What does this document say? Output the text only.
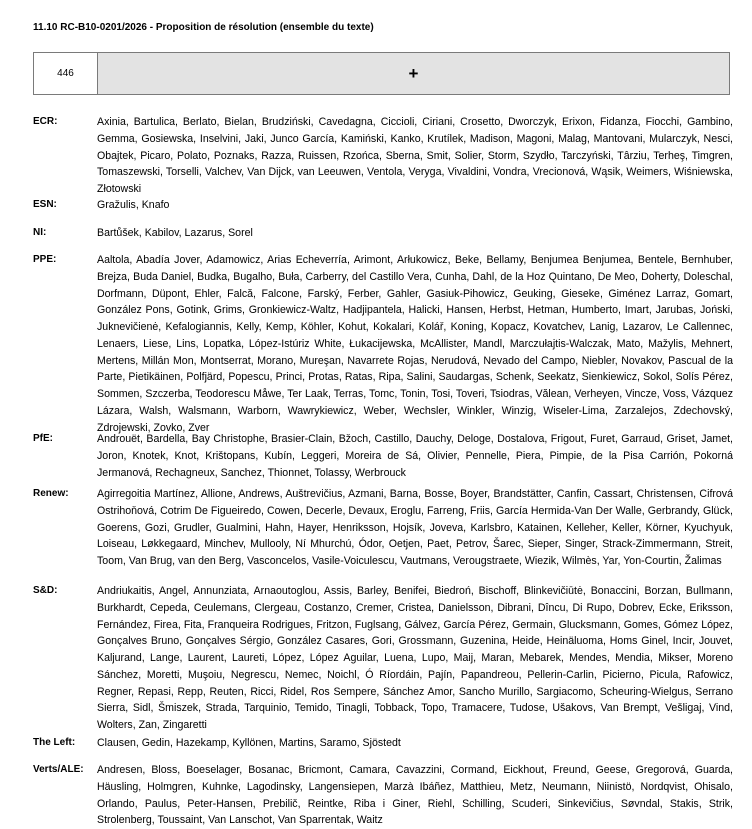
11.10 RC-B10-0201/2026 - Proposition de résolution (ensemble du texte)
446	+
ECR:	Axinia, Bartulica, Berlato, Bielan, Brudziński, Cavedagna, Ciccioli, Ciriani, Crosetto, Dworczyk, Erixon, Fidanza, Fiocchi, Gambino, Gemma, Gosiewska, Inselvini, Jaki, Junco García, Kamiński, Kanko, Krutílek, Madison, Magoni, Malag, Mantovani, Mularczyk, Nesci, Obajtek, Picaro, Polato, Poznaks, Razza, Ruissen, Rzońca, Sberna, Smit, Solier, Storm, Szydło, Tarczyński, Târziu, Terheş, Timgren, Tomaszewski, Torselli, Valchev, Van Dijck, van Leeuwen, Ventola, Veryga, Vivaldini, Vondra, Vrecionová, Wąsik, Weimers, Wiśniewska, Złotowski
ESN:	Gražulis, Knafo
NI:	Bartůšek, Kabilov, Lazarus, Sorel
PPE:	Aaltola, Abadía Jover, Adamowicz, Arias Echeverría, Arimont, Arłukowicz, Beke, Bellamy, Benjumea Benjumea, Bentele, Bernhuber, Brejza, Buda Daniel, Budka, Bugalho, Buła, Carberry, del Castillo Vera, Cunha, Dahl, de la Hoz Quintano, De Meo, Doherty, Doleschal, Dorfmann, Düpont, Ehler, Falcă, Falcone, Farský, Ferber, Gahler, Gasiuk-Pihowicz, Geuking, Gieseke, Giménez Larraz, Gomart, González Pons, Gotink, Grims, Gronkiewicz-Waltz, Hadjipantela, Halicki, Hansen, Herbst, Hetman, Humberto, Imart, Jarubas, Joński, Juknevičienė, Kefalogiannis, Kelly, Kemp, Köhler, Kohut, Kokalari, Kolář, Koning, Kopacz, Kovatchev, Lanig, Lazarov, Le Callennec, Lenaers, Liese, Lins, Lopatka, López-Istúriz White, Łukacijewska, McAllister, Mandl, Marczułajtis-Walczak, Mato, Mažylis, Mehnert, Mertens, Millán Mon, Montserrat, Morano, Mureşan, Navarrete Rojas, Nerudová, Nevado del Campo, Niebler, Novakov, Pascual de la Parte, Pietikäinen, Polfjärd, Popescu, Princi, Protas, Ratas, Ripa, Salini, Saudargas, Schenk, Seekatz, Sienkiewicz, Sokol, Solís Pérez, Sommen, Szczerba, Teodorescu Måwe, Ter Laak, Terras, Tomc, Tonin, Tosi, Toveri, Tsiodras, Vălean, Verheyen, Vincze, Voss, Vázquez Lázara, Walsh, Walsmann, Warborn, Wawrykiewicz, Weber, Wechsler, Winkler, Winzig, Wiseler-Lima, Zarzalejos, Zdechovský, Zdrojewski, Zovko, Zver
PfE:	Androuët, Bardella, Bay Christophe, Brasier-Clain, Bžoch, Castillo, Dauchy, Deloge, Dostalova, Frigout, Furet, Garraud, Griset, Jamet, Joron, Knotek, Knot, Krištopans, Kubín, Leggeri, Moreira de Sá, Olivier, Pennelle, Piera, Pimpie, de la Pisa Carrión, Pokorná Jermanová, Rechagneux, Sanchez, Thionnet, Tolassy, Werbrouck
Renew:	Agirregoitia Martínez, Allione, Andrews, Auštrevičius, Azmani, Barna, Bosse, Boyer, Brandstätter, Canfin, Cassart, Christensen, Cifrová Ostrihoňová, Cotrim De Figueiredo, Cowen, Decerle, Devaux, Eroglu, Farreng, Friis, García Hermida-Van Der Walle, Gerbrandy, Glück, Goerens, Gozi, Grudler, Gualmini, Hahn, Hayer, Henriksson, Hojsík, Joveva, Karlsbro, Katainen, Kelleher, Keller, Körner, Kyuchyuk, Loiseau, Løkkegaard, Minchev, Mullooly, Ní Mhurchú, Ódor, Oetjen, Paet, Petrov, Šarec, Sieper, Singer, Strack-Zimmermann, Streit, Toom, Van Brug, van den Berg, Vasconcelos, Vasile-Voiculescu, Vautmans, Verougstraete, Wiezik, Wilmès, Yar, Yon-Courtin, Žalimas
S&D:	Andriukaitis, Angel, Annunziata, Arnaoutoglou, Assis, Barley, Benifei, Biedroń, Bischoff, Blinkevičiūtė, Bonaccini, Borzan, Bullmann, Burkhardt, Cepeda, Ceulemans, Clergeau, Costanzo, Cremer, Cristea, Danielsson, Dibrani, Dîncu, Di Rupo, Dobrev, Ecke, Eriksson, Fernández, Firea, Fita, Franqueira Rodrigues, Fritzon, Fuglsang, Gálvez, García Pérez, Germain, Glucksmann, Gomes, Gómez López, Gonçalves Bruno, Gonçalves Sérgio, González Casares, Gori, Grossmann, Guzenina, Heide, Heinäluoma, Homs Ginel, Incir, Jouvet, Kaljurand, Lange, Laurent, Laureti, López, López Aguilar, Luena, Lupo, Maij, Maran, Mebarek, Mendes, Mendia, Mikser, Moreno Sánchez, Moretti, Muşoiu, Negrescu, Nemec, Noichl, Ó Ríordáin, Pajín, Papandreou, Pellerin-Carlin, Picierno, Picula, Rafowicz, Regner, Repasi, Repp, Reuten, Ricci, Ridel, Ros Sempere, Sánchez Amor, Sancho Murillo, Sargiacomo, Scheuring-Wielgus, Serrano Sierra, Sidl, Šmiszek, Strada, Tarquinio, Temido, Tinagli, Tobback, Topo, Tramacere, Tudose, Ušakovs, Van Brempt, Vešligaj, Vind, Wolters, Zan, Zingaretti
The Left:	Clausen, Gedin, Hazekamp, Kyllönen, Martins, Saramo, Sjöstedt
Verts/ALE:	Andresen, Bloss, Boeselager, Bosanac, Bricmont, Camara, Cavazzini, Cormand, Eickhout, Freund, Geese, Gregorová, Guarda, Häusling, Holmgren, Kuhnke, Lagodinsky, Langensiepen, Marzà Ibáñez, Matthieu, Metz, Neumann, Niinistö, Nordqvist, Ohisalo, Orlando, Paulus, Peter-Hansen, Prebilič, Reintke, Riba i Giner, Riehl, Schilling, Scuderi, Sinkevičius, Søvndal, Stakis, Strik, Strolenberg, Toussaint, Van Lanschot, Van Sparrentak, Waitz
